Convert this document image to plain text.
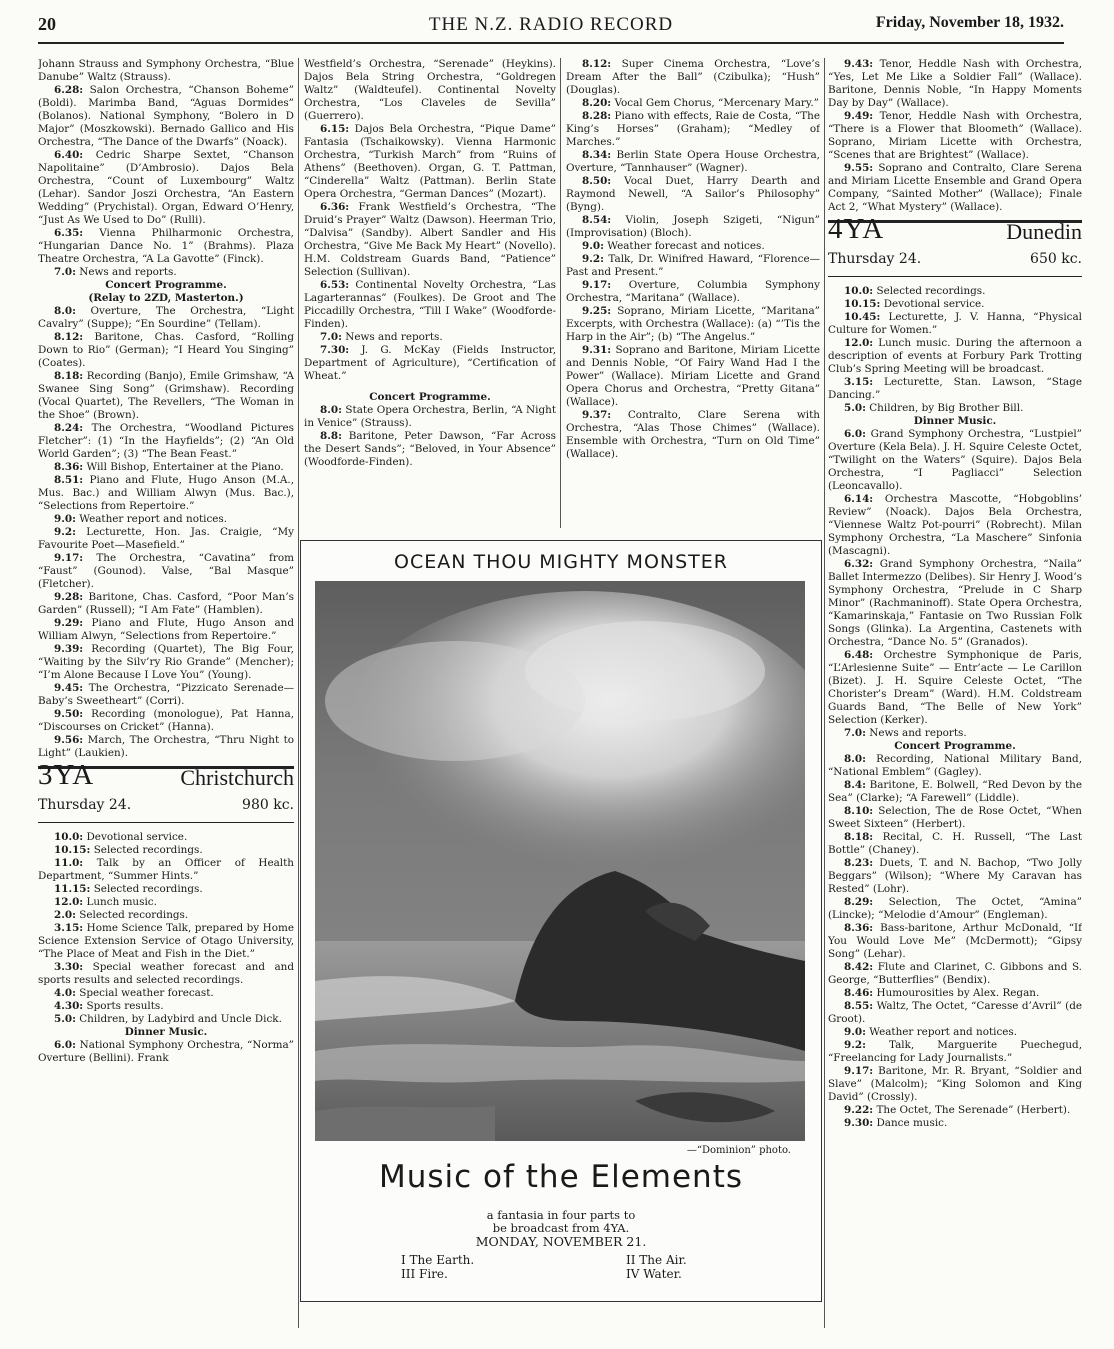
20	THE N.Z. RADIO RECORD	Friday, November 18, 1932.

Johann Strauss and Symphony Orchestra, “Blue Danube” Waltz (Strauss).

6.28: Salon Orchestra, “Chanson Boheme” (Boldi). Marimba Band, “Aguas Dormides” (Bolanos). National Symphony, “Bolero in D Major” (Moszkowski). Bernado Gallico and His Orchestra, “The Dance of the Dwarfs” (Noack).

6.40: Cedric Sharpe Sextet, “Chanson Napolitaine” (D’Ambrosio). Dajos Bela Orchestra, “Count of Luxembourg” Waltz (Lehar). Sandor Joszi Orchestra, “An Eastern Wedding” (Prychistal). Organ, Edward O’Henry, “Just As We Used to Do” (Rulli).

6.35: Vienna Philharmonic Orchestra, “Hungarian Dance No. 1” (Brahms). Plaza Theatre Orchestra, “A La Gavotte” (Finck).

7.0: News and reports.

Concert Programme.

(Relay to 2ZD, Masterton.)

8.0: Overture, The Orchestra, “Light Cavalry” (Suppe); “En Sourdine” (Tellam).

8.12: Baritone, Chas. Casford, “Rolling Down to Rio” (German); “I Heard You Singing” (Coates).

8.18: Recording (Banjo), Emile Grimshaw, “A Swanee Sing Song” (Grimshaw). Recording (Vocal Quartet), The Revellers, “The Woman in the Shoe” (Brown).

8.24: The Orchestra, “Woodland Pictures Fletcher”: (1) “In the Hayfields”; (2) “An Old World Garden”; (3) “The Bean Feast.”

8.36: Will Bishop, Entertainer at the Piano.

8.51: Piano and Flute, Hugo Anson (M.A., Mus. Bac.) and William Alwyn (Mus. Bac.), “Selections from Repertoire.”

9.0: Weather report and notices.

9.2: Lecturette, Hon. Jas. Craigie, “My Favourite Poet—Masefield.”

9.17: The Orchestra, “Cavatina” from “Faust” (Gounod). Valse, “Bal Masque” (Fletcher).

9.28: Baritone, Chas. Casford, “Poor Man’s Garden” (Russell); “I Am Fate” (Hamblen).

9.29: Piano and Flute, Hugo Anson and William Alwyn, “Selections from Repertoire.”

9.39: Recording (Quartet), The Big Four, “Waiting by the Silv’ry Rio Grande” (Mencher); “I’m Alone Because I Love You” (Young).

9.45: The Orchestra, “Pizzicato Serenade—Baby’s Sweetheart” (Corri).

9.50: Recording (monologue), Pat Hanna, “Discourses on Cricket” (Hanna).

9.56: March, The Orchestra, “Thru Night to Light” (Laukien).

3YA	Christchurch
Thursday 24.	980 kc.

10.0: Devotional service.

10.15: Selected recordings.

11.0: Talk by an Officer of Health Department, “Summer Hints.”

11.15: Selected recordings.

12.0: Lunch music.

2.0: Selected recordings.

3.15: Home Science Talk, prepared by Home Science Extension Service of Otago University, “The Place of Meat and Fish in the Diet.”

3.30: Special weather forecast and and sports results and selected recordings.

4.0: Special weather forecast.

4.30: Sports results.

5.0: Children, by Ladybird and Uncle Dick.

Dinner Music.

6.0: National Symphony Orchestra, “Norma” Overture (Bellini). Frank

Westfield’s Orchestra, “Serenade” (Heykins). Dajos Bela String Orchestra, “Goldregen Waltz” (Waldteufel). Continental Novelty Orchestra, “Los Claveles de Sevilla” (Guerrero).

6.15: Dajos Bela Orchestra, “Pique Dame” Fantasia (Tschaikowsky). Vienna Harmonic Orchestra, “Turkish March” from “Ruins of Athens” (Beethoven). Organ, G. T. Pattman, “Cinderella” Waltz (Pattman). Berlin State Opera Orchestra, “German Dances” (Mozart).

6.36: Frank Westfield’s Orchestra, “The Druid’s Prayer” Waltz (Dawson). Heerman Trio, “Dalvisa” (Sandby). Albert Sandler and His Orchestra, “Give Me Back My Heart” (Novello). H.M. Coldstream Guards Band, “Patience” Selection (Sullivan).

6.53: Continental Novelty Orchestra, “Las Lagarterannas” (Foulkes). De Groot and The Piccadilly Orchestra, “Till I Wake” (Woodforde-Finden).

7.0: News and reports.

7.30: J. G. McKay (Fields Instructor, Department of Agriculture), “Certification of Wheat.”

Concert Programme.

8.0: State Opera Orchestra, Berlin, “A Night in Venice” (Strauss).

8.8: Baritone, Peter Dawson, “Far Across the Desert Sands”; “Beloved, in Your Absence” (Woodforde-Finden).

8.12: Super Cinema Orchestra, “Love’s Dream After the Ball” (Czibulka); “Hush” (Douglas).

8.20: Vocal Gem Chorus, “Mercenary Mary.”

8.28: Piano with effects, Raie de Costa, “The King’s Horses” (Graham); “Medley of Marches.”

8.34: Berlin State Opera House Orchestra, Overture, “Tannhauser” (Wagner).

8.50: Vocal Duet, Harry Dearth and Raymond Newell, “A Sailor’s Philosophy” (Byng).

8.54: Violin, Joseph Szigeti, “Nigun” (Improvisation) (Bloch).

9.0: Weather forecast and notices.

9.2: Talk, Dr. Winifred Haward, “Florence—Past and Present.”

9.17: Overture, Columbia Symphony Orchestra, “Maritana” (Wallace).

9.25: Soprano, Miriam Licette, “Maritana” Excerpts, with Orchestra (Wallace): (a) “’Tis the Harp in the Air”; (b) “The Angelus.”

9.31: Soprano and Baritone, Miriam Licette and Dennis Noble, “Of Fairy Wand Had I the Power” (Wallace). Miriam Licette and Grand Opera Chorus and Orchestra, “Pretty Gitana” (Wallace).

9.37: Contralto, Clare Serena with Orchestra, “Alas Those Chimes” (Wallace). Ensemble with Orchestra, “Turn on Old Time” (Wallace).

9.43: Tenor, Heddle Nash with Orchestra, “Yes, Let Me Like a Soldier Fall” (Wallace). Baritone, Dennis Noble, “In Happy Moments Day by Day” (Wallace).

9.49: Tenor, Heddle Nash with Orchestra, “There is a Flower that Bloometh” (Wallace). Soprano, Miriam Licette with Orchestra, “Scenes that are Brightest” (Wallace).

9.55: Soprano and Contralto, Clare Serena and Miriam Licette Ensemble and Grand Opera Company, “Sainted Mother” (Wallace); Finale Act 2, “What Mystery” (Wallace).

4YA	Dunedin
Thursday 24.	650 kc.

10.0: Selected recordings.

10.15: Devotional service.

10.45: Lecturette, J. V. Hanna, “Physical Culture for Women.”

12.0: Lunch music. During the afternoon a description of events at Forbury Park Trotting Club’s Spring Meeting will be broadcast.

3.15: Lecturette, Stan. Lawson, “Stage Dancing.”

5.0: Children, by Big Brother Bill.

Dinner Music.

6.0: Grand Symphony Orchestra, “Lustpiel” Overture (Kela Bela). J. H. Squire Celeste Octet, “Twilight on the Waters” (Squire). Dajos Bela Orchestra, “I Pagliacci” Selection (Leoncavallo).

6.14: Orchestra Mascotte, “Hobgoblins’ Review” (Noack). Dajos Bela Orchestra, “Viennese Waltz Pot-pourri” (Robrecht). Milan Symphony Orchestra, “La Maschere” Sinfonia (Mascagni).

6.32: Grand Symphony Orchestra, “Naila” Ballet Intermezzo (Delibes). Sir Henry J. Wood’s Symphony Orchestra, “Prelude in C Sharp Minor” (Rachmaninoff). State Opera Orchestra, “Kamarinskaja,” Fantasie on Two Russian Folk Songs (Glinka). La Argentina, Castenets with Orchestra, “Dance No. 5” (Granados).

6.48: Orchestre Symphonique de Paris, “L’Arlesienne Suite” — Entr’acte — Le Carillon (Bizet). J. H. Squire Celeste Octet, “The Chorister’s Dream” (Ward). H.M. Coldstream Guards Band, “The Belle of New York” Selection (Kerker).

7.0: News and reports.

Concert Programme.

8.0: Recording, National Military Band, “National Emblem” (Gagley).

8.4: Baritone, E. Bolwell, “Red Devon by the Sea” (Clarke); “A Farewell” (Liddle).

8.10: Selection, The de Rose Octet, “When Sweet Sixteen” (Herbert).

8.18: Recital, C. H. Russell, “The Last Bottle” (Chaney).

8.23: Duets, T. and N. Bachop, “Two Jolly Beggars” (Wilson); “Where My Caravan has Rested” (Lohr).

8.29: Selection, The Octet, “Amina” (Lincke); “Melodie d’Amour” (Engleman).

8.36: Bass-baritone, Arthur McDonald, “If You Would Love Me” (McDermott); “Gipsy Song” (Lehar).

8.42: Flute and Clarinet, C. Gibbons and S. George, “Butterflies” (Bendix).

8.46: Humourosities by Alex. Regan.

8.55: Waltz, The Octet, “Caresse d’Avril” (de Groot).

9.0: Weather report and notices.

9.2: Talk, Marguerite Puechegud, “Freelancing for Lady Journalists.”

9.17: Baritone, Mr. R. Bryant, “Soldier and Slave” (Malcolm); “King Solomon and King David” (Crossly).

9.22: The Octet, The Serenade” (Herbert).

9.30: Dance music.

OCEAN THOU MIGHTY MONSTER
—“Dominion” photo.
Music of the Elements
a fantasia in four parts to
be broadcast from 4YA.
MONDAY, NOVEMBER 21.
I The Earth.	II The Air.
III Fire.	IV Water.
